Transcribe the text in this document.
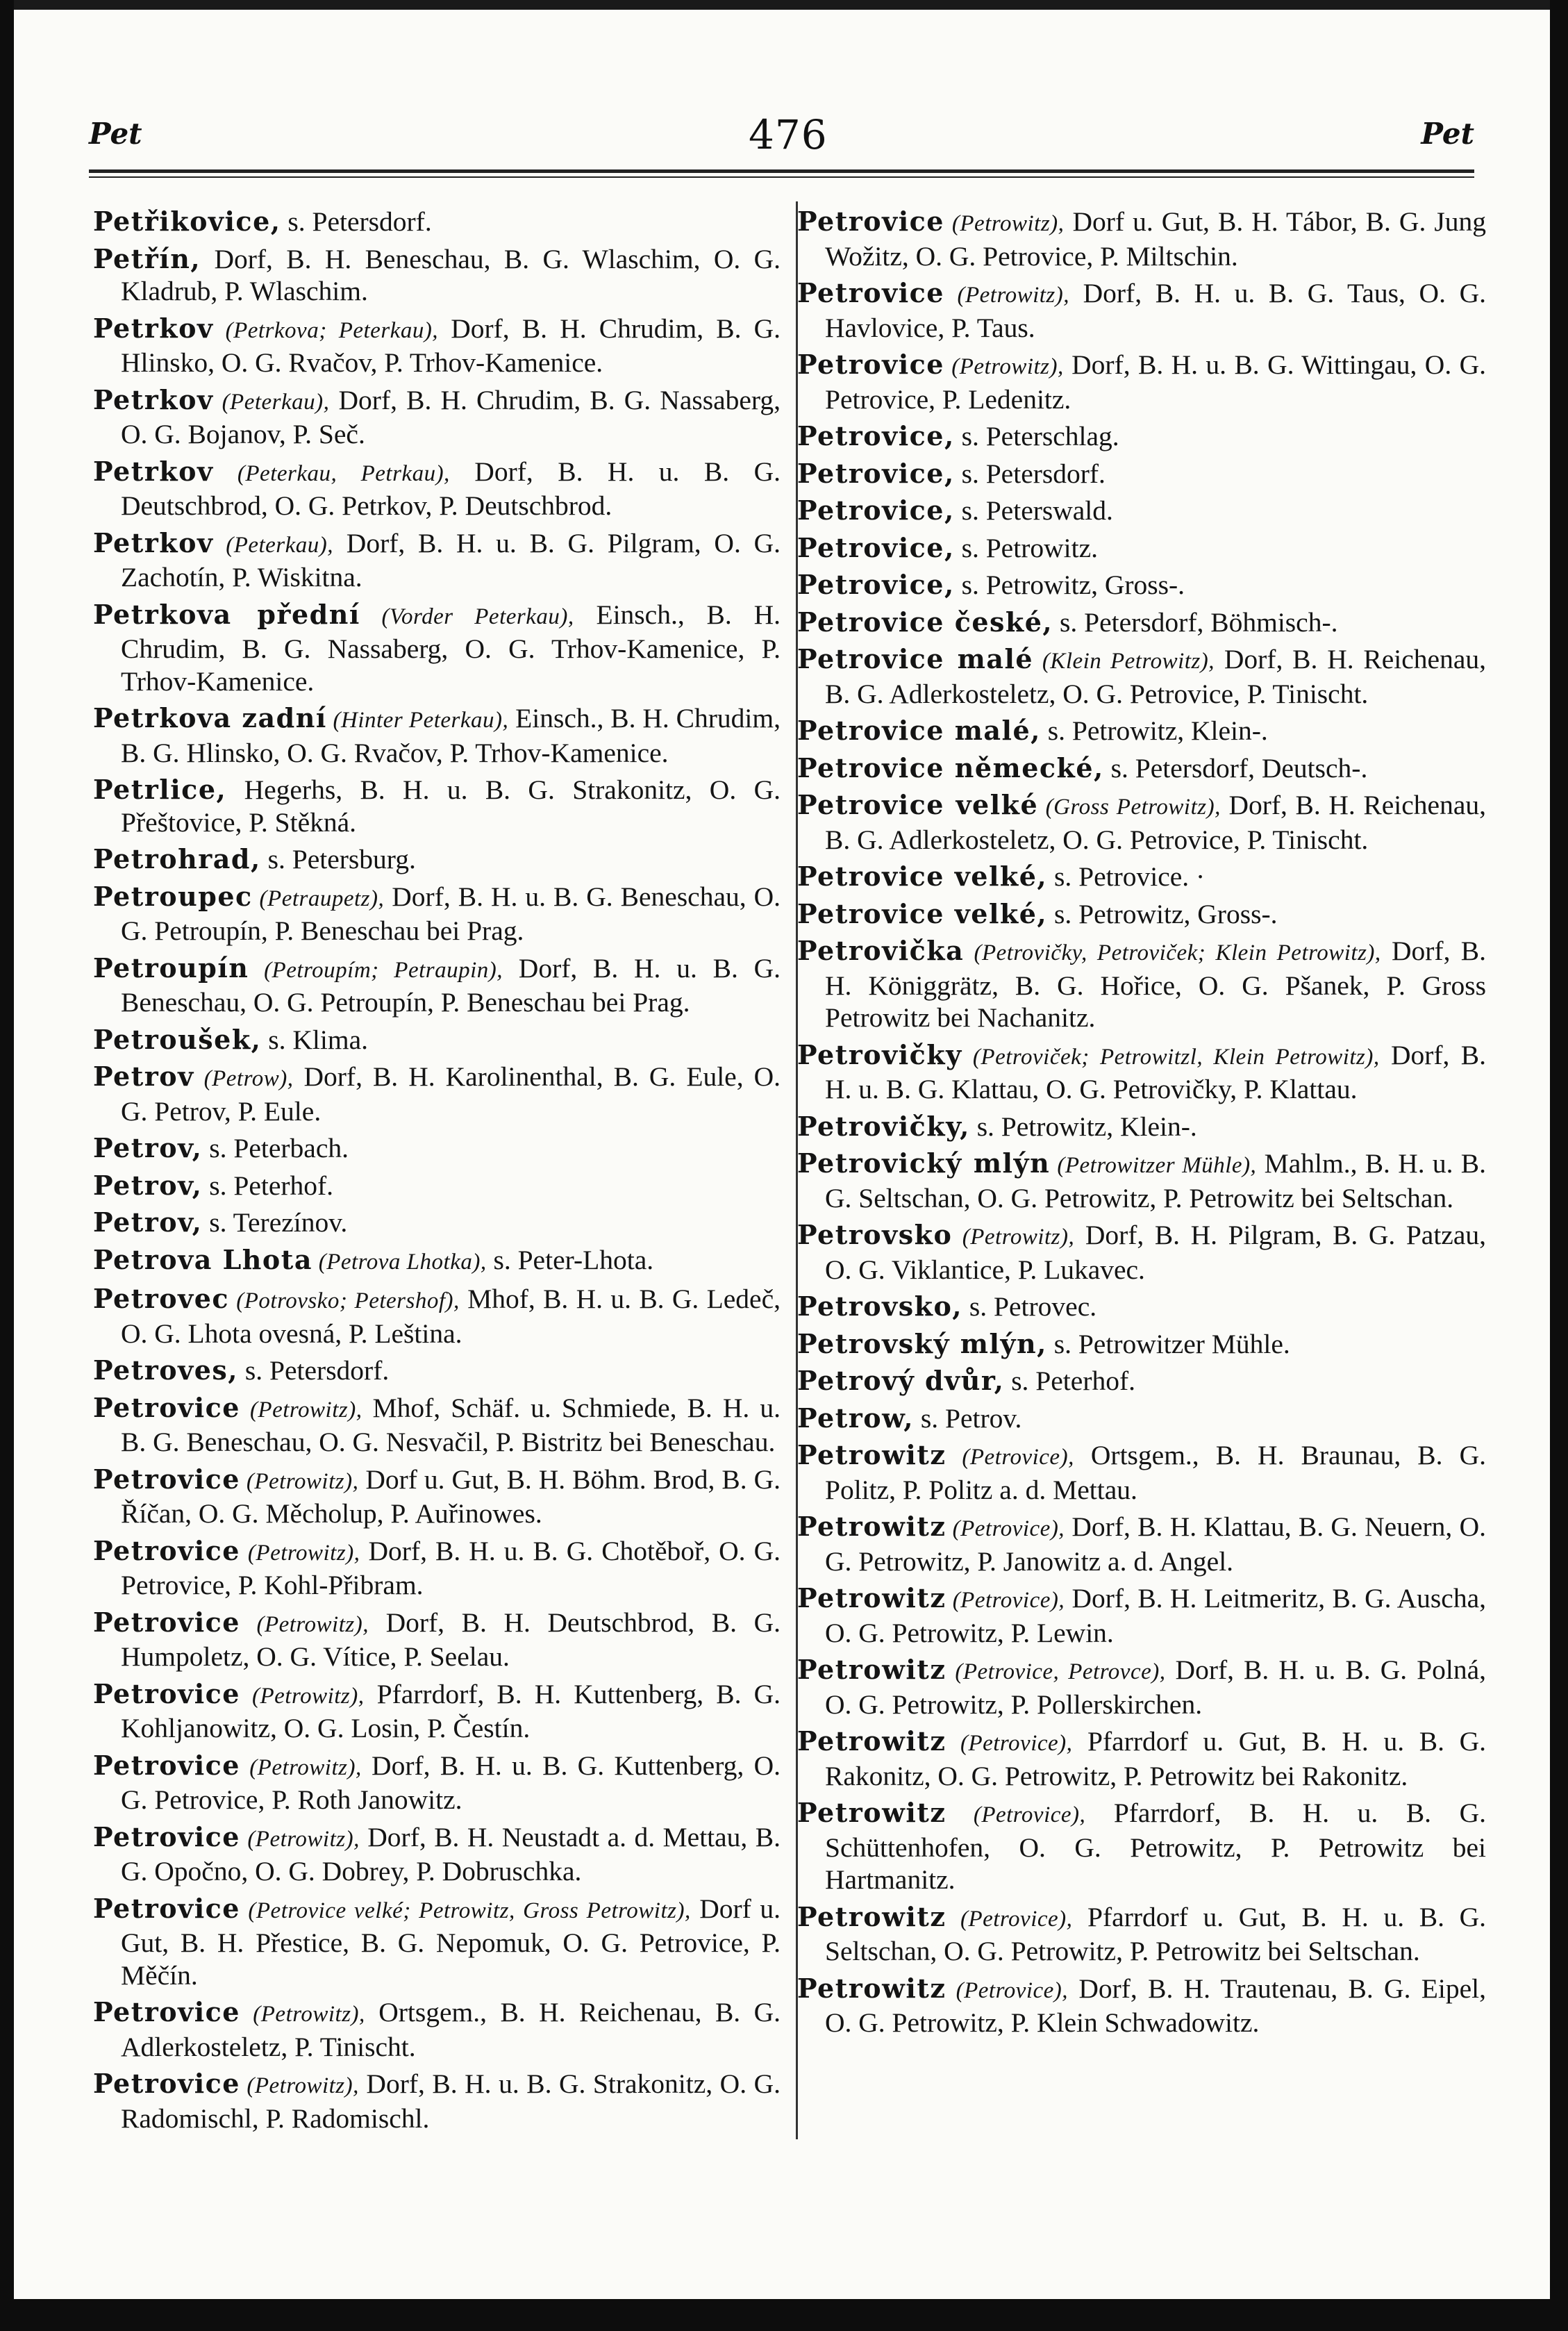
Pet	476	Pet
Petřikovice, s. Petersdorf.
Petřín, Dorf, B. H. Beneschau, B. G. Wlaschim, O. G. Kladrub, P. Wlaschim.
Petrkov (Petrkova; Peterkau), Dorf, B. H. Chrudim, B. G. Hlinsko, O. G. Rvačov, P. Trhov-Kamenice.
Petrkov (Peterkau), Dorf, B. H. Chrudim, B. G. Nassaberg, O. G. Bojanov, P. Seč.
Petrkov (Peterkau, Petrkau), Dorf, B. H. u. B. G. Deutschbrod, O. G. Petrkov, P. Deutschbrod.
Petrkov (Peterkau), Dorf, B. H. u. B. G. Pilgram, O. G. Zachotín, P. Wiskitna.
Petrkova přední (Vorder Peterkau), Einsch., B. H. Chrudim, B. G. Nassaberg, O. G. Trhov-Kamenice, P. Trhov-Kamenice.
Petrkova zadní (Hinter Peterkau), Einsch., B. H. Chrudim, B. G. Hlinsko, O. G. Rvačov, P. Trhov-Kamenice.
Petrlice, Hegerhs, B. H. u. B. G. Strakonitz, O. G. Přeštovice, P. Stěkná.
Petrohrad, s. Petersburg.
Petroupec (Petraupetz), Dorf, B. H. u. B. G. Beneschau, O. G. Petroupín, P. Beneschau bei Prag.
Petroupín (Petroupím; Petraupin), Dorf, B. H. u. B. G. Beneschau, O. G. Petroupín, P. Beneschau bei Prag.
Petroušek, s. Klima.
Petrov (Petrow), Dorf, B. H. Karolinenthal, B. G. Eule, O. G. Petrov, P. Eule.
Petrov, s. Peterbach.
Petrov, s. Peterhof.
Petrov, s. Terezínov.
Petrova Lhota (Petrova Lhotka), s. Peter-Lhota.
Petrovec (Potrovsko; Petershof), Mhof, B. H. u. B. G. Ledeč, O. G. Lhota ovesná, P. Leština.
Petroves, s. Petersdorf.
Petrovice (Petrowitz), Mhof, Schäf. u. Schmiede, B. H. u. B. G. Beneschau, O. G. Nesvačil, P. Bistritz bei Beneschau.
Petrovice (Petrowitz), Dorf u. Gut, B. H. Böhm. Brod, B. G. Říčan, O. G. Měcholup, P. Auřinowes.
Petrovice (Petrowitz), Dorf, B. H. u. B. G. Chotěboř, O. G. Petrovice, P. Kohl-Přibram.
Petrovice (Petrowitz), Dorf, B. H. Deutschbrod, B. G. Humpoletz, O. G. Vítice, P. Seelau.
Petrovice (Petrowitz), Pfarrdorf, B. H. Kuttenberg, B. G. Kohljanowitz, O. G. Losin, P. Čestín.
Petrovice (Petrowitz), Dorf, B. H. u. B. G. Kuttenberg, O. G. Petrovice, P. Roth Janowitz.
Petrovice (Petrowitz), Dorf, B. H. Neustadt a. d. Mettau, B. G. Opočno, O. G. Dobrey, P. Dobruschka.
Petrovice (Petrovice velké; Petrowitz, Gross Petrowitz), Dorf u. Gut, B. H. Přestice, B. G. Nepomuk, O. G. Petrovice, P. Měčín.
Petrovice (Petrowitz), Ortsgem., B. H. Reichenau, B. G. Adlerkosteletz, P. Tinischt.
Petrovice (Petrowitz), Dorf, B. H. u. B. G. Strakonitz, O. G. Radomischl, P. Radomischl.
Petrovice (Petrowitz), Dorf u. Gut, B. H. Tábor, B. G. Jung Wožitz, O. G. Petrovice, P. Miltschin.
Petrovice (Petrowitz), Dorf, B. H. u. B. G. Taus, O. G. Havlovice, P. Taus.
Petrovice (Petrowitz), Dorf, B. H. u. B. G. Wittingau, O. G. Petrovice, P. Ledenitz.
Petrovice, s. Peterschlag.
Petrovice, s. Petersdorf.
Petrovice, s. Peterswald.
Petrovice, s. Petrowitz.
Petrovice, s. Petrowitz, Gross-.
Petrovice české, s. Petersdorf, Böhmisch-.
Petrovice malé (Klein Petrowitz), Dorf, B. H. Reichenau, B. G. Adlerkosteletz, O. G. Petrovice, P. Tinischt.
Petrovice malé, s. Petrowitz, Klein-.
Petrovice německé, s. Petersdorf, Deutsch-.
Petrovice velké (Gross Petrowitz), Dorf, B. H. Reichenau, B. G. Adlerkosteletz, O. G. Petrovice, P. Tinischt.
Petrovice velké, s. Petrovice. ·
Petrovice velké, s. Petrowitz, Gross-.
Petrovička (Petrovičky, Petroviček; Klein Petrowitz), Dorf, B. H. Königgrätz, B. G. Hořice, O. G. Pšanek, P. Gross Petrowitz bei Nachanitz.
Petrovičky (Petroviček; Petrowitzl, Klein Petrowitz), Dorf, B. H. u. B. G. Klattau, O. G. Petrovičky, P. Klattau.
Petrovičky, s. Petrowitz, Klein-.
Petrovický mlýn (Petrowitzer Mühle), Mahlm., B. H. u. B. G. Seltschan, O. G. Petrowitz, P. Petrowitz bei Seltschan.
Petrovsko (Petrowitz), Dorf, B. H. Pilgram, B. G. Patzau, O. G. Viklantice, P. Lukavec.
Petrovsko, s. Petrovec.
Petrovský mlýn, s. Petrowitzer Mühle.
Petrový dvůr, s. Peterhof.
Petrow, s. Petrov.
Petrowitz (Petrovice), Ortsgem., B. H. Braunau, B. G. Politz, P. Politz a. d. Mettau.
Petrowitz (Petrovice), Dorf, B. H. Klattau, B. G. Neuern, O. G. Petrowitz, P. Janowitz a. d. Angel.
Petrowitz (Petrovice), Dorf, B. H. Leitmeritz, B. G. Auscha, O. G. Petrowitz, P. Lewin.
Petrowitz (Petrovice, Petrovce), Dorf, B. H. u. B. G. Polná, O. G. Petrowitz, P. Pollerskirchen.
Petrowitz (Petrovice), Pfarrdorf u. Gut, B. H. u. B. G. Rakonitz, O. G. Petrowitz, P. Petrowitz bei Rakonitz.
Petrowitz (Petrovice), Pfarrdorf, B. H. u. B. G. Schüttenhofen, O. G. Petrowitz, P. Petrowitz bei Hartmanitz.
Petrowitz (Petrovice), Pfarrdorf u. Gut, B. H. u. B. G. Seltschan, O. G. Petrowitz, P. Petrowitz bei Seltschan.
Petrowitz (Petrovice), Dorf, B. H. Trautenau, B. G. Eipel, O. G. Petrowitz, P. Klein Schwadowitz.
